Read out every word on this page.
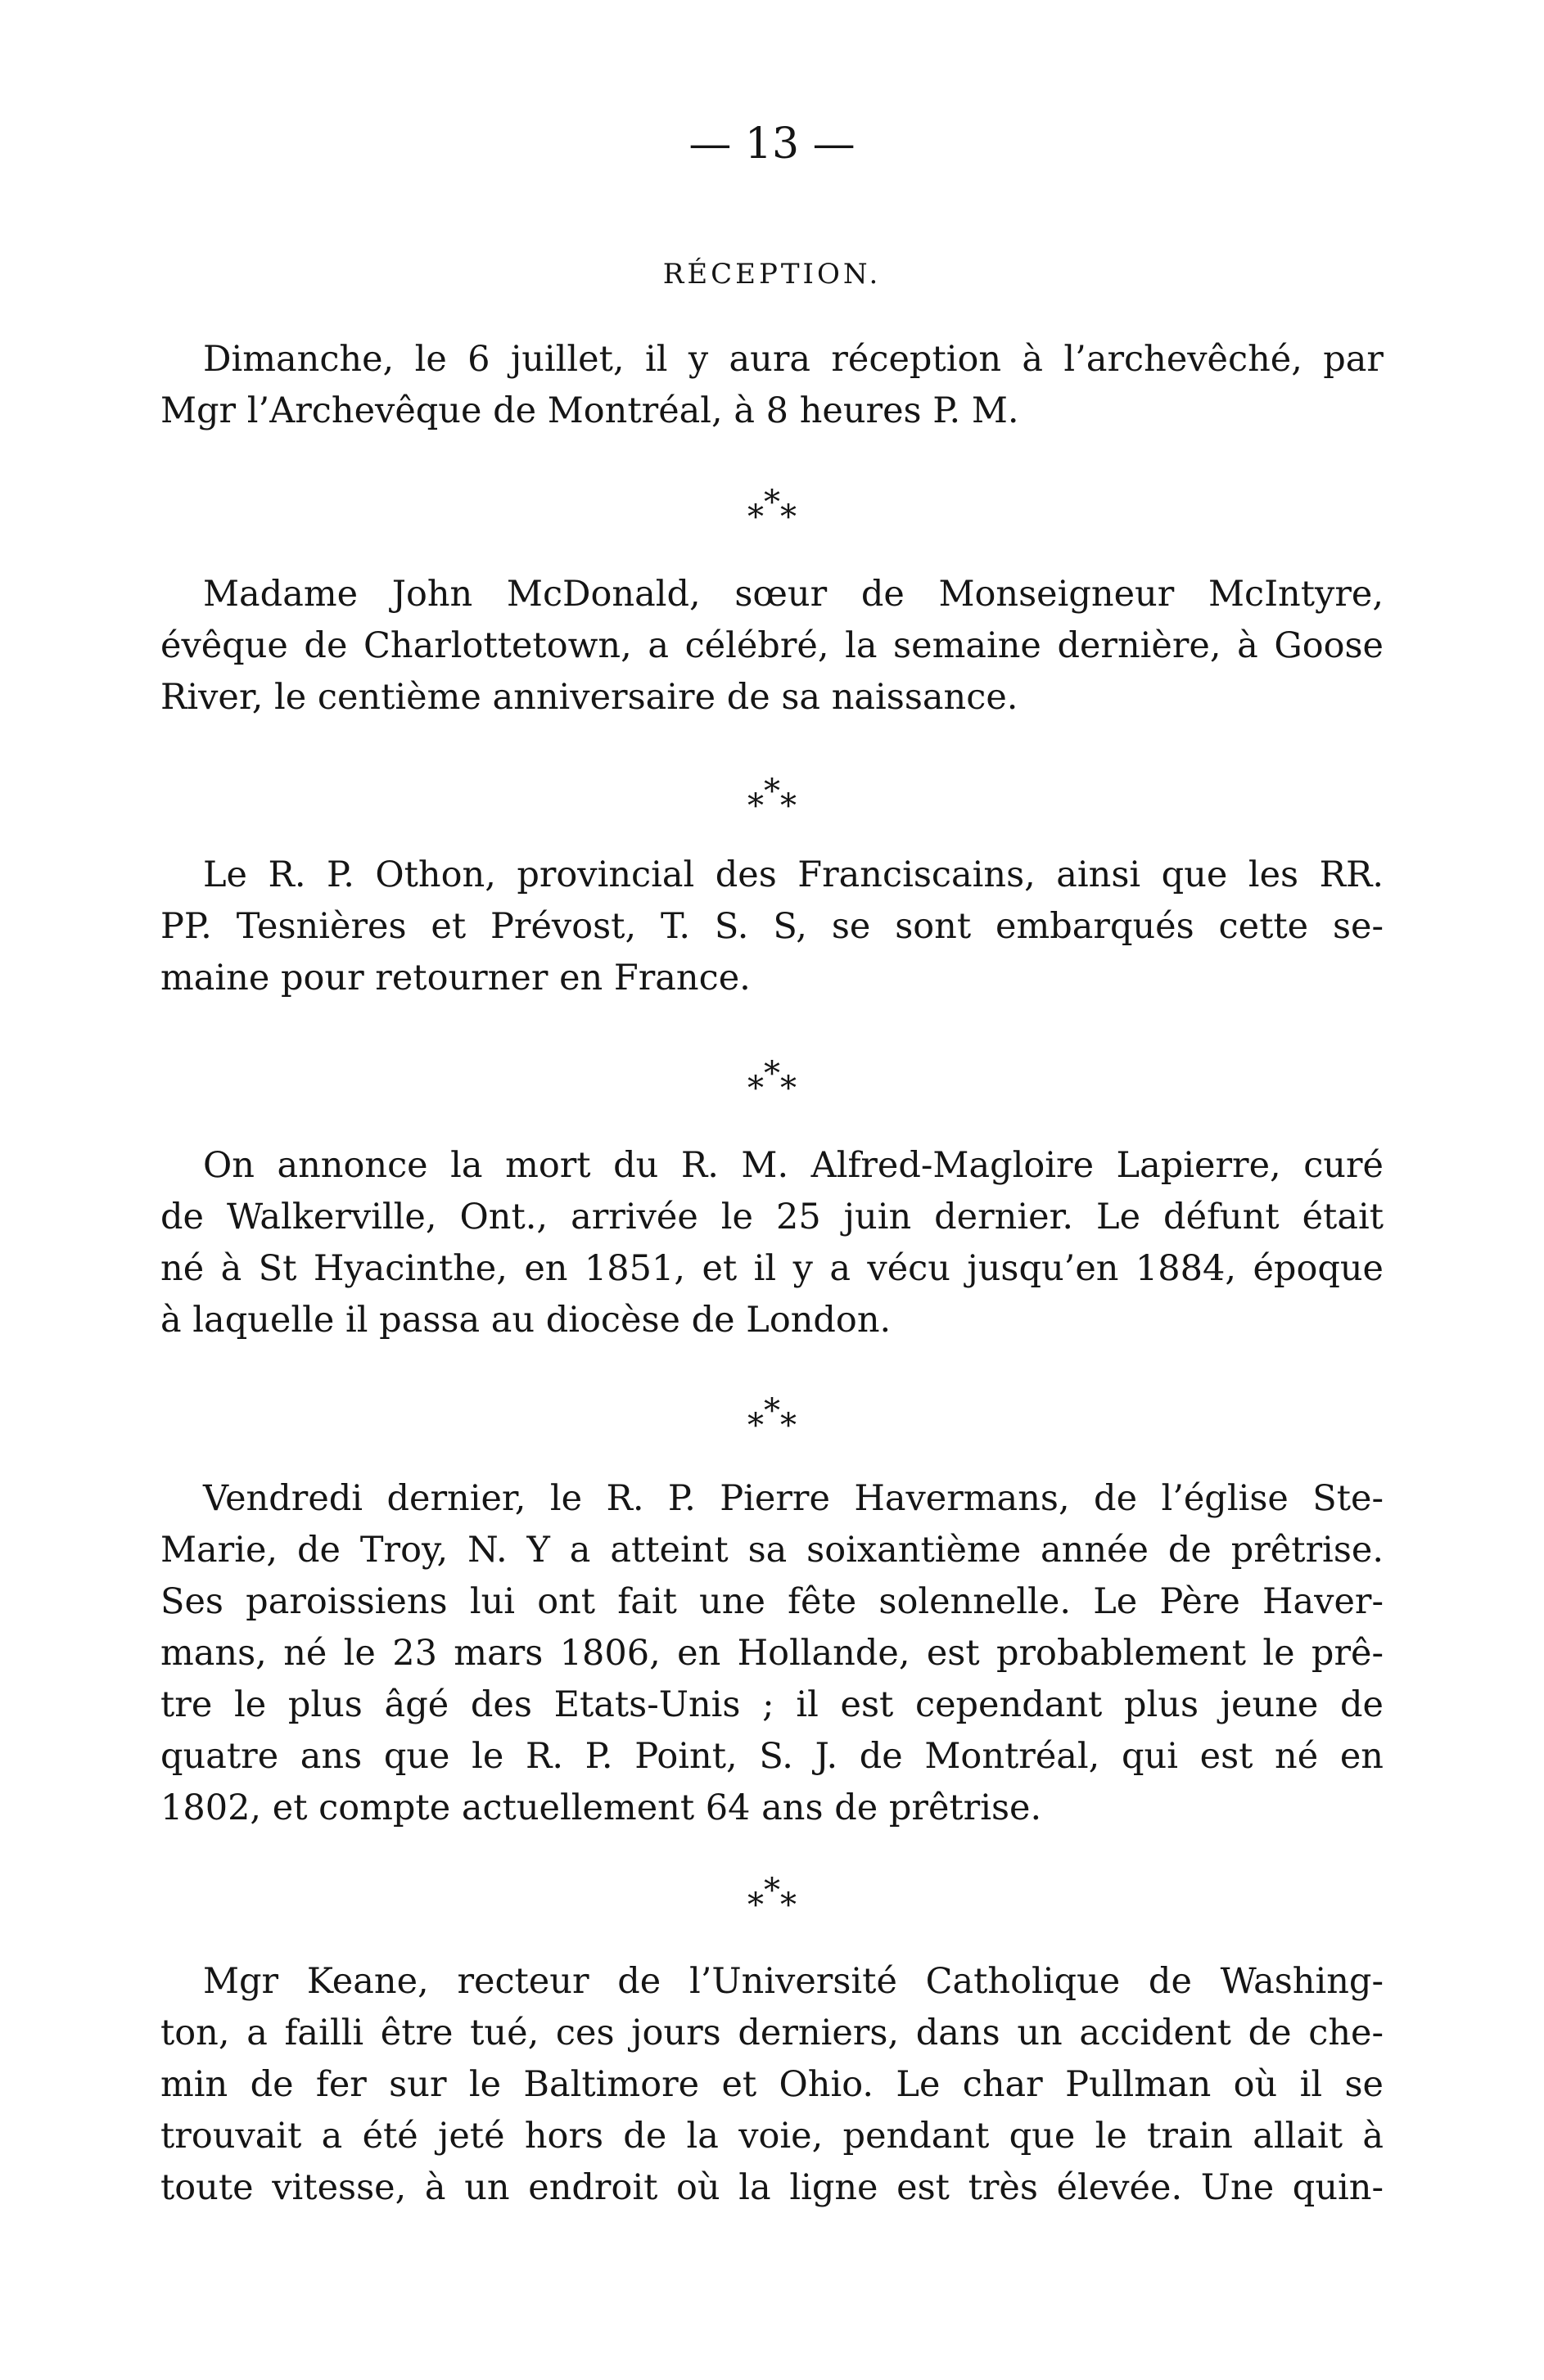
— 13 —
RÉCEPTION.

Dimanche, le 6 juillet, il y aura réception à l’archevêché, par
Mgr l’Archevêque de Montréal, à 8 heures P. M.

***

Madame John McDonald, sœur de Monseigneur McIntyre,
évêque de Charlottetown, a célébré, la semaine dernière, à Goose
River, le centième anniversaire de sa naissance.

***

Le R. P. Othon, provincial des Franciscains, ainsi que les RR.
PP. Tesnières et Prévost, T. S. S, se sont embarqués cette se-
maine pour retourner en France.

***

On annonce la mort du R. M. Alfred-Magloire Lapierre, curé
de Walkerville, Ont., arrivée le 25 juin dernier. Le défunt était
né à St Hyacinthe, en 1851, et il y a vécu jusqu’en 1884, époque
à laquelle il passa au diocèse de London.

***

Vendredi dernier, le R. P. Pierre Havermans, de l’église Ste-
Marie, de Troy, N. Y a atteint sa soixantième année de prêtrise.
Ses paroissiens lui ont fait une fête solennelle. Le Père Haver-
mans, né le 23 mars 1806, en Hollande, est probablement le prê-
tre le plus âgé des Etats-Unis ; il est cependant plus jeune de
quatre ans que le R. P. Point, S. J. de Montréal, qui est né en
1802, et compte actuellement 64 ans de prêtrise.

***

Mgr Keane, recteur de l’Université Catholique de Washing-
ton, a failli être tué, ces jours derniers, dans un accident de che-
min de fer sur le Baltimore et Ohio. Le char Pullman où il se
trouvait a été jeté hors de la voie, pendant que le train allait à
toute vitesse, à un endroit où la ligne est très élevée. Une quin-
